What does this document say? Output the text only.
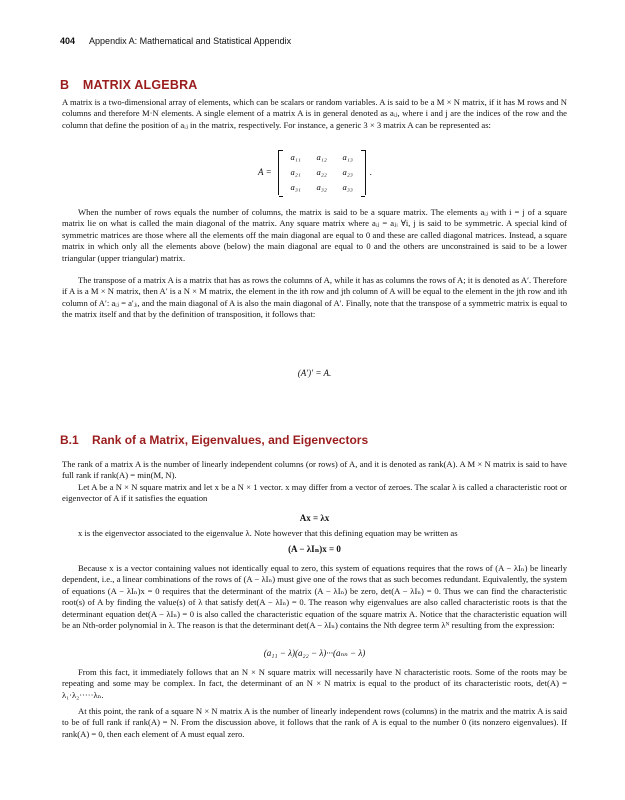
404 Appendix A: Mathematical and Statistical Appendix
B MATRIX ALGEBRA

A matrix is a two-dimensional array of elements, which can be scalars or random variables. A is said to be a M × N matrix, if it has M rows and N columns and therefore M·N elements. A single element of a matrix A is in general denoted as aᵢⱼ, where i and j are the indices of the row and the column that define the position of aᵢⱼ in the matrix, respectively. For instance, a generic 3 × 3 matrix A can be represented as:

A =
a₁₁	a₁₂	a₁₃
a₂₁	a₂₂	a₂₃
a₃₁	a₃₂	a₃₃
.

When the number of rows equals the number of columns, the matrix is said to be a square matrix. The elements aᵢⱼ with i = j of a square matrix lie on what is called the main diagonal of the matrix. Any square matrix where aᵢⱼ = aⱼᵢ ∀i, j is said to be symmetric. A special kind of symmetric matrices are those where all the elements off the main diagonal are equal to 0 and these are called diagonal matrices. Instead, a square matrix in which only all the elements above (below) the main diagonal are equal to 0 and the others are unconstrained is said to be a lower triangular (upper triangular) matrix.

The transpose of a matrix A is a matrix that has as rows the columns of A, while it has as columns the rows of A; it is denoted as A′. Therefore if A is a M × N matrix, then A′ is a N × M matrix, the element in the ith row and jth column of A will be equal to the element in the jth row and ith column of A′: aᵢⱼ = a′ⱼᵢ, and the main diagonal of A is also the main diagonal of A′. Finally, note that the transpose of a symmetric matrix is equal to the matrix itself and that by the definition of transposition, it follows that:

(A′)′ = A.
B.1 Rank of a Matrix, Eigenvalues, and Eigenvectors

The rank of a matrix A is the number of linearly independent columns (or rows) of A, and it is denoted as rank(A). A M × N matrix is said to have full rank if rank(A) = min(M, N).

Let A be a N × N square matrix and let x be a N × 1 vector. x may differ from a vector of zeroes. The scalar λ is called a characteristic root or eigenvector of A if it satisfies the equation

Ax = λx

x is the eigenvector associated to the eigenvalue λ. Note however that this defining equation may be written as

(A − λIₙ)x = 0

Because x is a vector containing values not identically equal to zero, this system of equations requires that the rows of (A − λIₙ) be linearly dependent, i.e., a linear combinations of the rows of (A − λIₙ) must give one of the rows that as such becomes redundant. Equivalently, the system of equations (A − λIₙ)x = 0 requires that the determinant of the matrix (A − λIₙ) be zero, det(A − λIₙ) = 0. Thus we can find the characteristic root(s) of A by finding the value(s) of λ that satisfy det(A − λIₙ) = 0. The reason why eigenvalues are also called characteristic roots is that the determinant equation det(A − λIₙ) = 0 is also called the characteristic equation of the square matrix A. Notice that the characteristic equation will be an Nth-order polynomial in λ. The reason is that the determinant det(A − λIₙ) contains the Nth degree term λᴺ resulting from the expression:

(a₁₁ − λ)(a₂₂ − λ)···(aₙₙ − λ)

From this fact, it immediately follows that an N × N square matrix will necessarily have N characteristic roots. Some of the roots may be repeating and some may be complex. In fact, the determinant of an N × N matrix is equal to the product of its characteristic roots, det(A) = λ₁·λ₂·····λₙ.

At this point, the rank of a square N × N matrix A is the number of linearly independent rows (columns) in the matrix and the matrix A is said to be of full rank if rank(A) = N. From the discussion above, it follows that the rank of A is equal to the number 0 (its nonzero eigenvalues). If rank(A) = 0, then each element of A must equal zero.
